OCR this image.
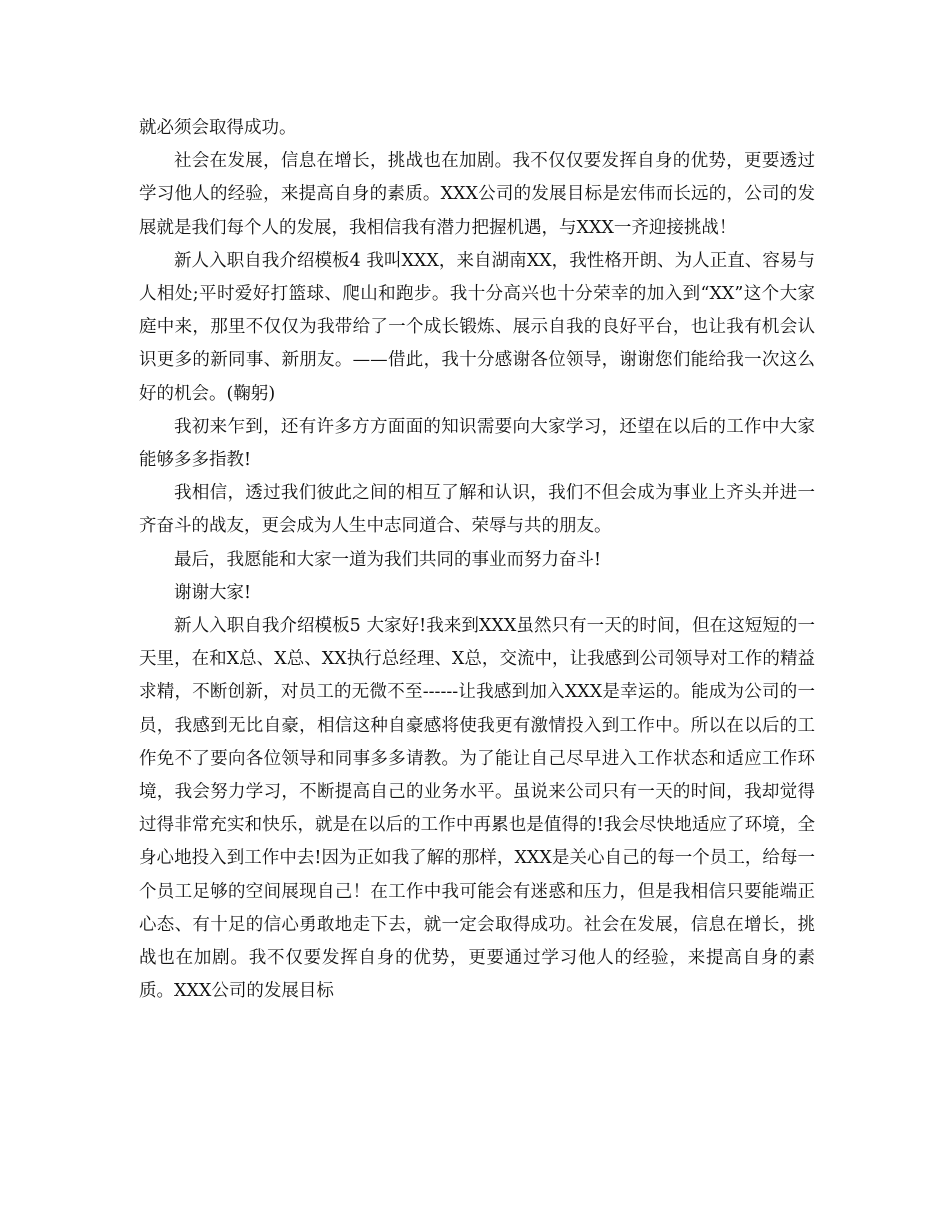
就必须会取得成功。

社会在发展，信息在增长，挑战也在加剧。我不仅仅要发挥自身的优势，更要透过学习他人的经验，来提高自身的素质。XXX公司的发展目标是宏伟而长远的，公司的发展就是我们每个人的发展，我相信我有潜力把握机遇，与XXX一齐迎接挑战！

新人入职自我介绍模板4 我叫XXX，来自湖南XX，我性格开朗、为人正直、容易与人相处;平时爱好打篮球、爬山和跑步。我十分高兴也十分荣幸的加入到“XX”这个大家庭中来，那里不仅仅为我带给了一个成长锻炼、展示自我的良好平台，也让我有机会认识更多的新同事、新朋友。——借此，我十分感谢各位领导，谢谢您们能给我一次这么好的机会。(鞠躬)

我初来乍到，还有许多方方面面的知识需要向大家学习，还望在以后的工作中大家能够多多指教!

我相信，透过我们彼此之间的相互了解和认识，我们不但会成为事业上齐头并进一齐奋斗的战友，更会成为人生中志同道合、荣辱与共的朋友。

最后，我愿能和大家一道为我们共同的事业而努力奋斗!

谢谢大家!

新人入职自我介绍模板5 大家好!我来到XXX虽然只有一天的时间，但在这短短的一天里，在和X总、X总、XX执行总经理、X总，交流中，让我感到公司领导对工作的精益求精，不断创新，对员工的无微不至------让我感到加入XXX是幸运的。能成为公司的一员，我感到无比自豪，相信这种自豪感将使我更有激情投入到工作中。所以在以后的工作免不了要向各位领导和同事多多请教。为了能让自己尽早进入工作状态和适应工作环境，我会努力学习，不断提高自己的业务水平。虽说来公司只有一天的时间，我却觉得过得非常充实和快乐，就是在以后的工作中再累也是值得的!我会尽快地适应了环境，全身心地投入到工作中去!因为正如我了解的那样，XXX是关心自己的每一个员工，给每一个员工足够的空间展现自己！在工作中我可能会有迷惑和压力，但是我相信只要能端正心态、有十足的信心勇敢地走下去，就一定会取得成功。社会在发展，信息在增长，挑战也在加剧。我不仅要发挥自身的优势，更要通过学习他人的经验，来提高自身的素质。XXX公司的发展目标
